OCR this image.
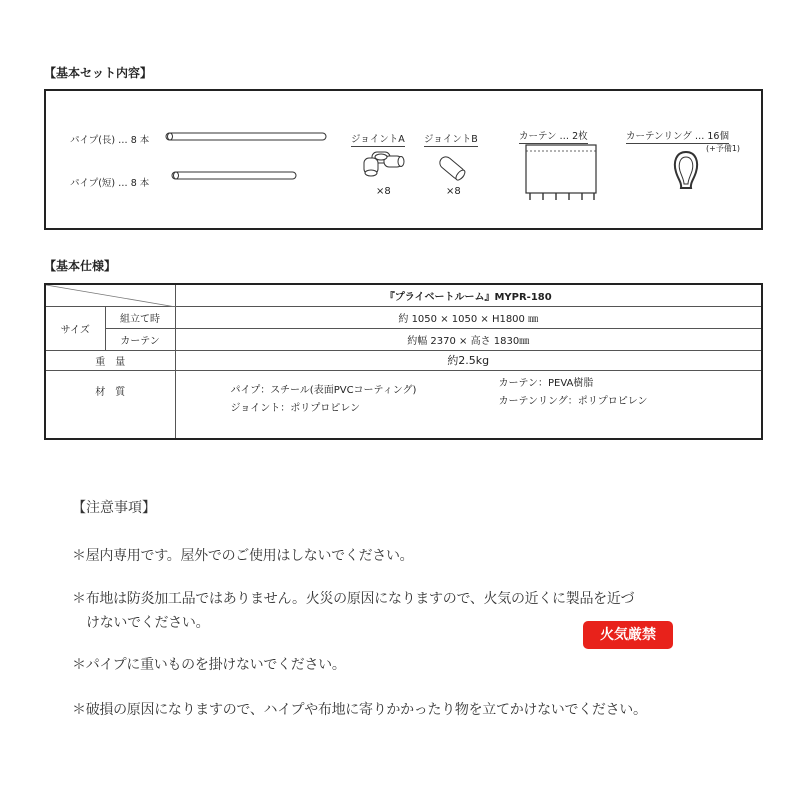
【基本セット内容】
パイプ(長) … 8 本
パイプ(短) … 8 本
ジョイントA
×8
ジョイントB
×8
カーテン … 2枚	カーテンリング … 16個
(+予備1)
【基本仕様】
	『プライベートルーム』MYPR-180
サイズ	組立て時	約 1050 × 1050 × H1800 ㎜
	カーテン	約幅 2370 × 高さ 1830㎜
重　量		約2.5kg
材　質		パイプ：スチール(表面PVCコーティング)
ジョイント：ポリプロピレン
カーテン：PEVA樹脂
カーテンリング：ポリプロピレン
【注意事項】
＊屋内専用です。屋外でのご使用はしないでください。
＊布地は防炎加工品ではありません。火災の原因になりますので、火気の近くに製品を近づ
けないでください。
火気厳禁
＊パイプに重いものを掛けないでください。
＊破損の原因になりますので、ハイプや布地に寄りかかったり物を立てかけないでください。
